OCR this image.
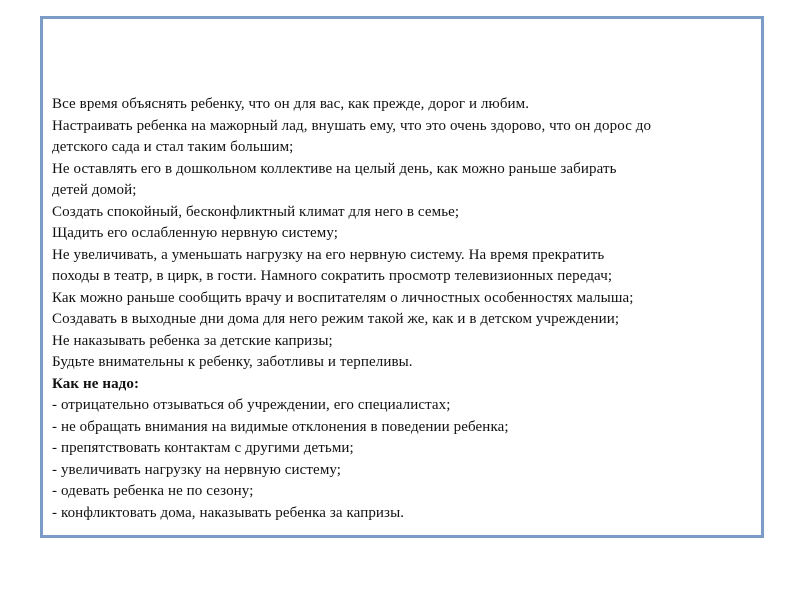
Все время объяснять ребенку, что он для вас, как прежде, дорог и любим.
Настраивать ребенка на мажорный лад, внушать ему, что это очень здорово, что он дорос до
детского сада и стал таким большим;
Не оставлять его в дошкольном коллективе на целый день, как можно раньше забирать
детей домой;
Создать спокойный, бесконфликтный климат для него в семье;
Щадить его ослабленную нервную систему;
Не увеличивать, а уменьшать нагрузку на его нервную систему. На время прекратить
походы в театр, в цирк, в гости. Намного сократить просмотр телевизионных передач;
Как можно раньше сообщить врачу и воспитателям о личностных особенностях малыша;
Создавать в выходные дни дома для него режим такой же, как и в детском учреждении;
Не наказывать ребенка за детские капризы;
Будьте внимательны к ребенку, заботливы и терпеливы.
Как не надо:
- отрицательно отзываться об учреждении, его специалистах;
- не обращать внимания на видимые отклонения в поведении ребенка;
- препятствовать контактам с другими детьми;
- увеличивать нагрузку на нервную систему;
- одевать ребенка не по сезону;
- конфликтовать дома, наказывать ребенка за капризы.
